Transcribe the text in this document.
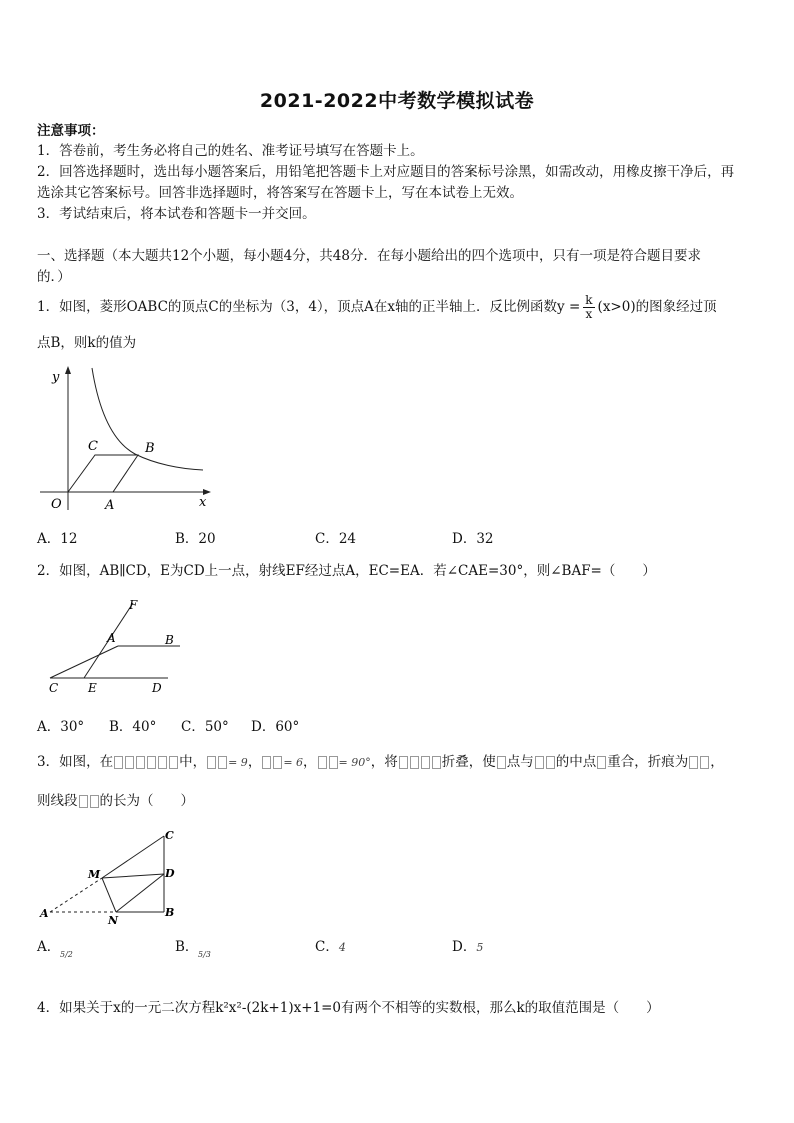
2021-2022中考数学模拟试卷
注意事项：
1．答卷前，考生务必将自己的姓名、准考证号填写在答题卡上。
2．回答选择题时，选出每小题答案后，用铅笔把答题卡上对应题目的答案标号涂黑，如需改动，用橡皮擦干净后，再
选涂其它答案标号。回答非选择题时，将答案写在答题卡上，写在本试卷上无效。
3．考试结束后，将本试卷和答题卡一并交回。
一、选择题（本大题共12个小题，每小题4分，共48分．在每小题给出的四个选项中，只有一项是符合题目要求
的．）
1．如图，菱形OABC的顶点C的坐标为（3，4），顶点A在x轴的正半轴上．反比例函数$y = \frac{k}{x} (x>0)$的图象经过顶
点B，则k的值为
y
x
O	A
B
C
A．12	B．20	C．24	D．32
2．如图，AB∥CD，E为CD上一点，射线EF经过点A，EC=EA．若∠CAE=30°，则∠BAF=（　　）
F
A	B
C E	D
A．30° B．40° C．50° D．60°
3．如图，在	中， = 9， = 6， = 90°，将	折叠，使 点与 的中点 重合，折痕为 ，
则线段 的长为（　　）
C
M	D
A
N
B
A． 5/2	B． 5/3	C．4	D．5
4．如果关于x的一元二次方程k²x²-(2k+1)x+1=0有两个不相等的实数根，那么k的取值范围是（　　）
